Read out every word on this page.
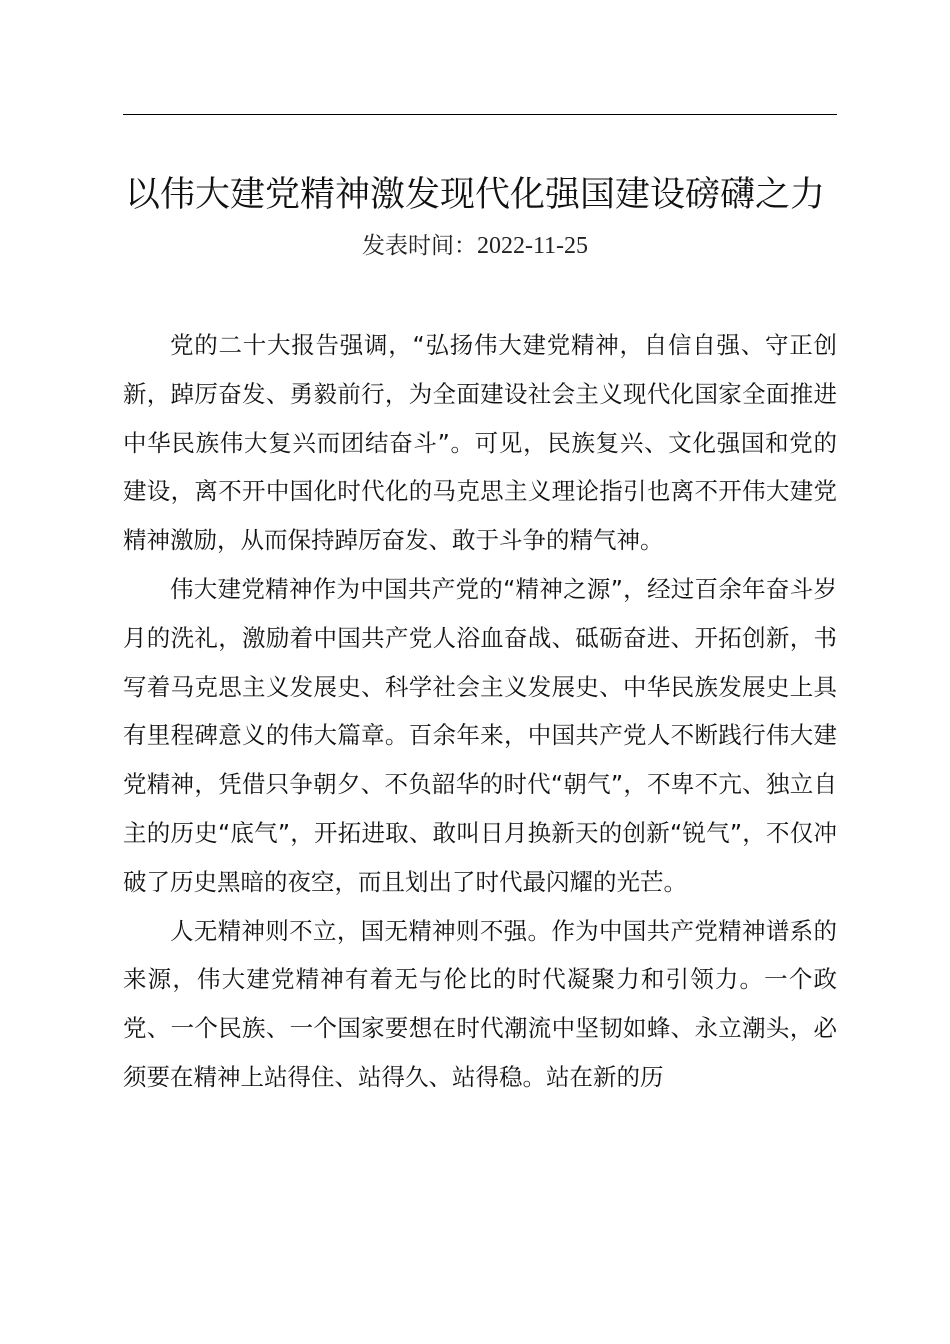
以伟大建党精神激发现代化强国建设磅礴之力
发表时间：2022-11-25

党的二十大报告强调，“弘扬伟大建党精神，自信自强、守正创新，踔厉奋发、勇毅前行，为全面建设社会主义现代化国家全面推进中华民族伟大复兴而团结奋斗”。可见，民族复兴、文化强国和党的建设，离不开中国化时代化的马克思主义理论指引也离不开伟大建党精神激励，从而保持踔厉奋发、敢于斗争的精气神。

伟大建党精神作为中国共产党的“精神之源”，经过百余年奋斗岁月的洗礼，激励着中国共产党人浴血奋战、砥砺奋进、开拓创新，书写着马克思主义发展史、科学社会主义发展史、中华民族发展史上具有里程碑意义的伟大篇章。百余年来，中国共产党人不断践行伟大建党精神，凭借只争朝夕、不负韶华的时代“朝气”，不卑不亢、独立自主的历史“底气”，开拓进取、敢叫日月换新天的创新“锐气”，不仅冲破了历史黑暗的夜空，而且划出了时代最闪耀的光芒。

人无精神则不立，国无精神则不强。作为中国共产党精神谱系的来源，伟大建党精神有着无与伦比的时代凝聚力和引领力。一个政党、一个民族、一个国家要想在时代潮流中坚韧如蜂、永立潮头，必须要在精神上站得住、站得久、站得稳。站在新的历
